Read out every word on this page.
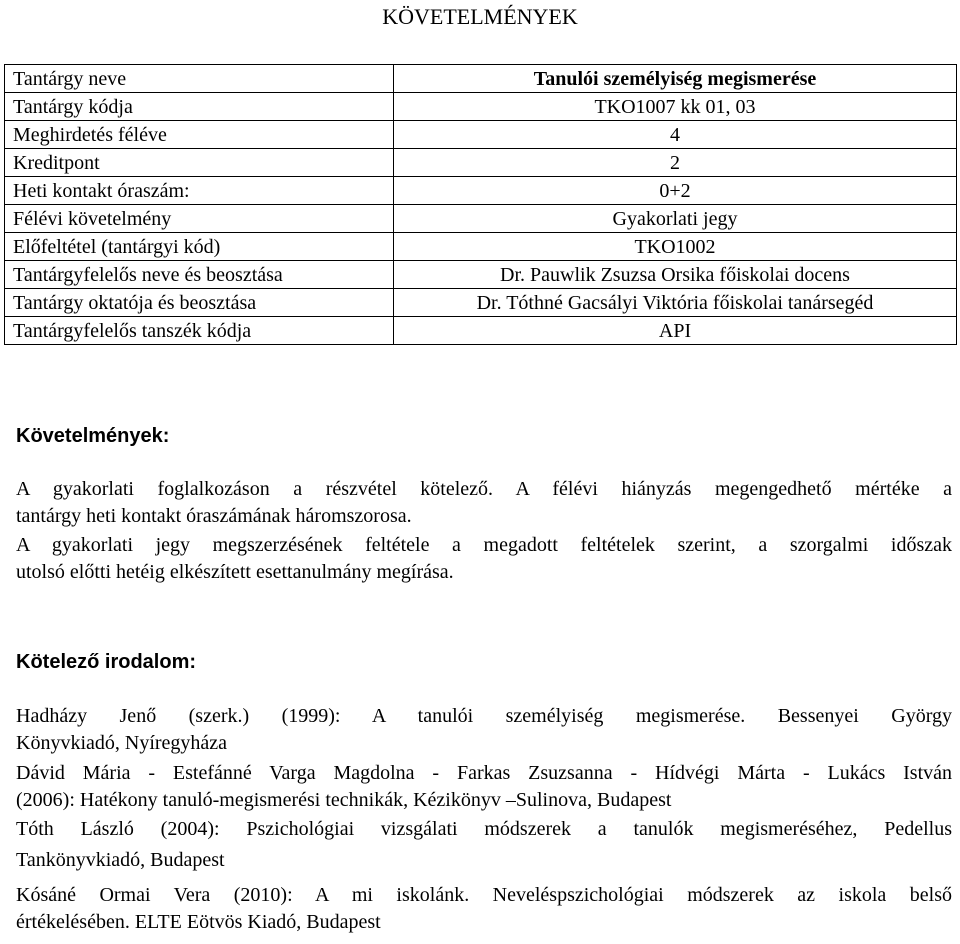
KÖVETELMÉNYEK
Tantárgy neve	Tanulói személyiség megismerése
Tantárgy kódja	TKO1007 kk 01, 03
Meghirdetés féléve	4
Kreditpont	2
Heti kontakt óraszám:	0+2
Félévi követelmény	Gyakorlati jegy
Előfeltétel (tantárgyi kód)	TKO1002
Tantárgyfelelős neve és beosztása	Dr. Pauwlik Zsuzsa Orsika főiskolai docens
Tantárgy oktatója és beosztása	Dr. Tóthné Gacsályi Viktória főiskolai tanársegéd
Tantárgyfelelős tanszék kódja	API
Követelmények:
A gyakorlati foglalkozáson a részvétel kötelező. A félévi hiányzás megengedhető mértéke a
tantárgy heti kontakt óraszámának háromszorosa.
A gyakorlati jegy megszerzésének feltétele a megadott feltételek szerint, a szorgalmi időszak
utolsó előtti hetéig elkészített esettanulmány megírása.
Kötelező irodalom:
Hadházy Jenő (szerk.) (1999): A tanulói személyiség megismerése. Bessenyei György
Könyvkiadó, Nyíregyháza
Dávid Mária - Estefánné Varga Magdolna - Farkas Zsuzsanna - Hídvégi Márta - Lukács István
(2006): Hatékony tanuló-megismerési technikák, Kézikönyv –Sulinova, Budapest
Tóth László (2004): Pszichológiai vizsgálati módszerek a tanulók megismeréséhez, Pedellus
Tankönyvkiadó, Budapest
Kósáné Ormai Vera (2010): A mi iskolánk. Neveléspszichológiai módszerek az iskola belső
értékelésében. ELTE Eötvös Kiadó, Budapest
